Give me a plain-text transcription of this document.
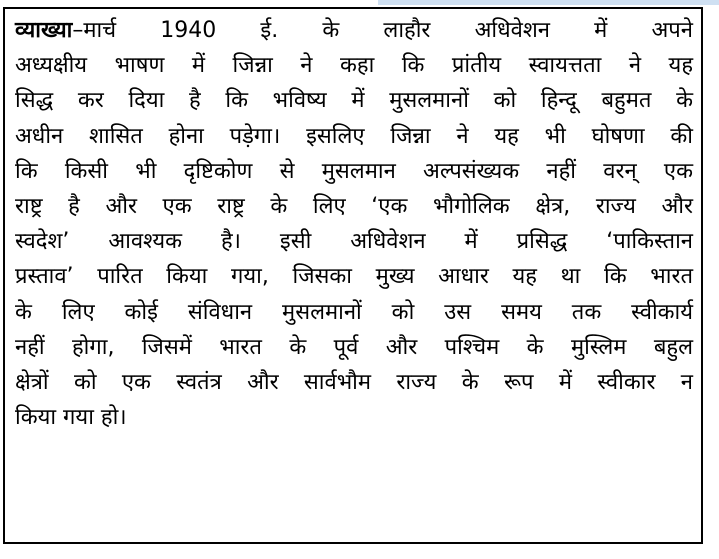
व्याख्या–मार्च 1940 ई. के लाहौर अधिवेशन में अपने
अध्यक्षीय भाषण में जिन्ना ने कहा कि प्रांतीय स्वायत्तता ने यह
सिद्ध कर दिया है कि भविष्य में मुसलमानों को हिन्दू बहुमत के
अधीन शासित होना पड़ेगा। इसलिए जिन्ना ने यह भी घोषणा की
कि किसी भी दृष्टिकोण से मुसलमान अल्पसंख्यक नहीं वरन् एक
राष्ट्र है और एक राष्ट्र के लिए ‘एक भौगोलिक क्षेत्र, राज्य और
स्वदेश’ आवश्यक है। इसी अधिवेशन में प्रसिद्ध ‘पाकिस्तान
प्रस्ताव’ पारित किया गया, जिसका मुख्य आधार यह था कि भारत
के लिए कोई संविधान मुसलमानों को उस समय तक स्वीकार्य
नहीं होगा, जिसमें भारत के पूर्व और पश्चिम के मुस्लिम बहुल
क्षेत्रों को एक स्वतंत्र और सार्वभौम राज्य के रूप में स्वीकार न
किया गया हो।
